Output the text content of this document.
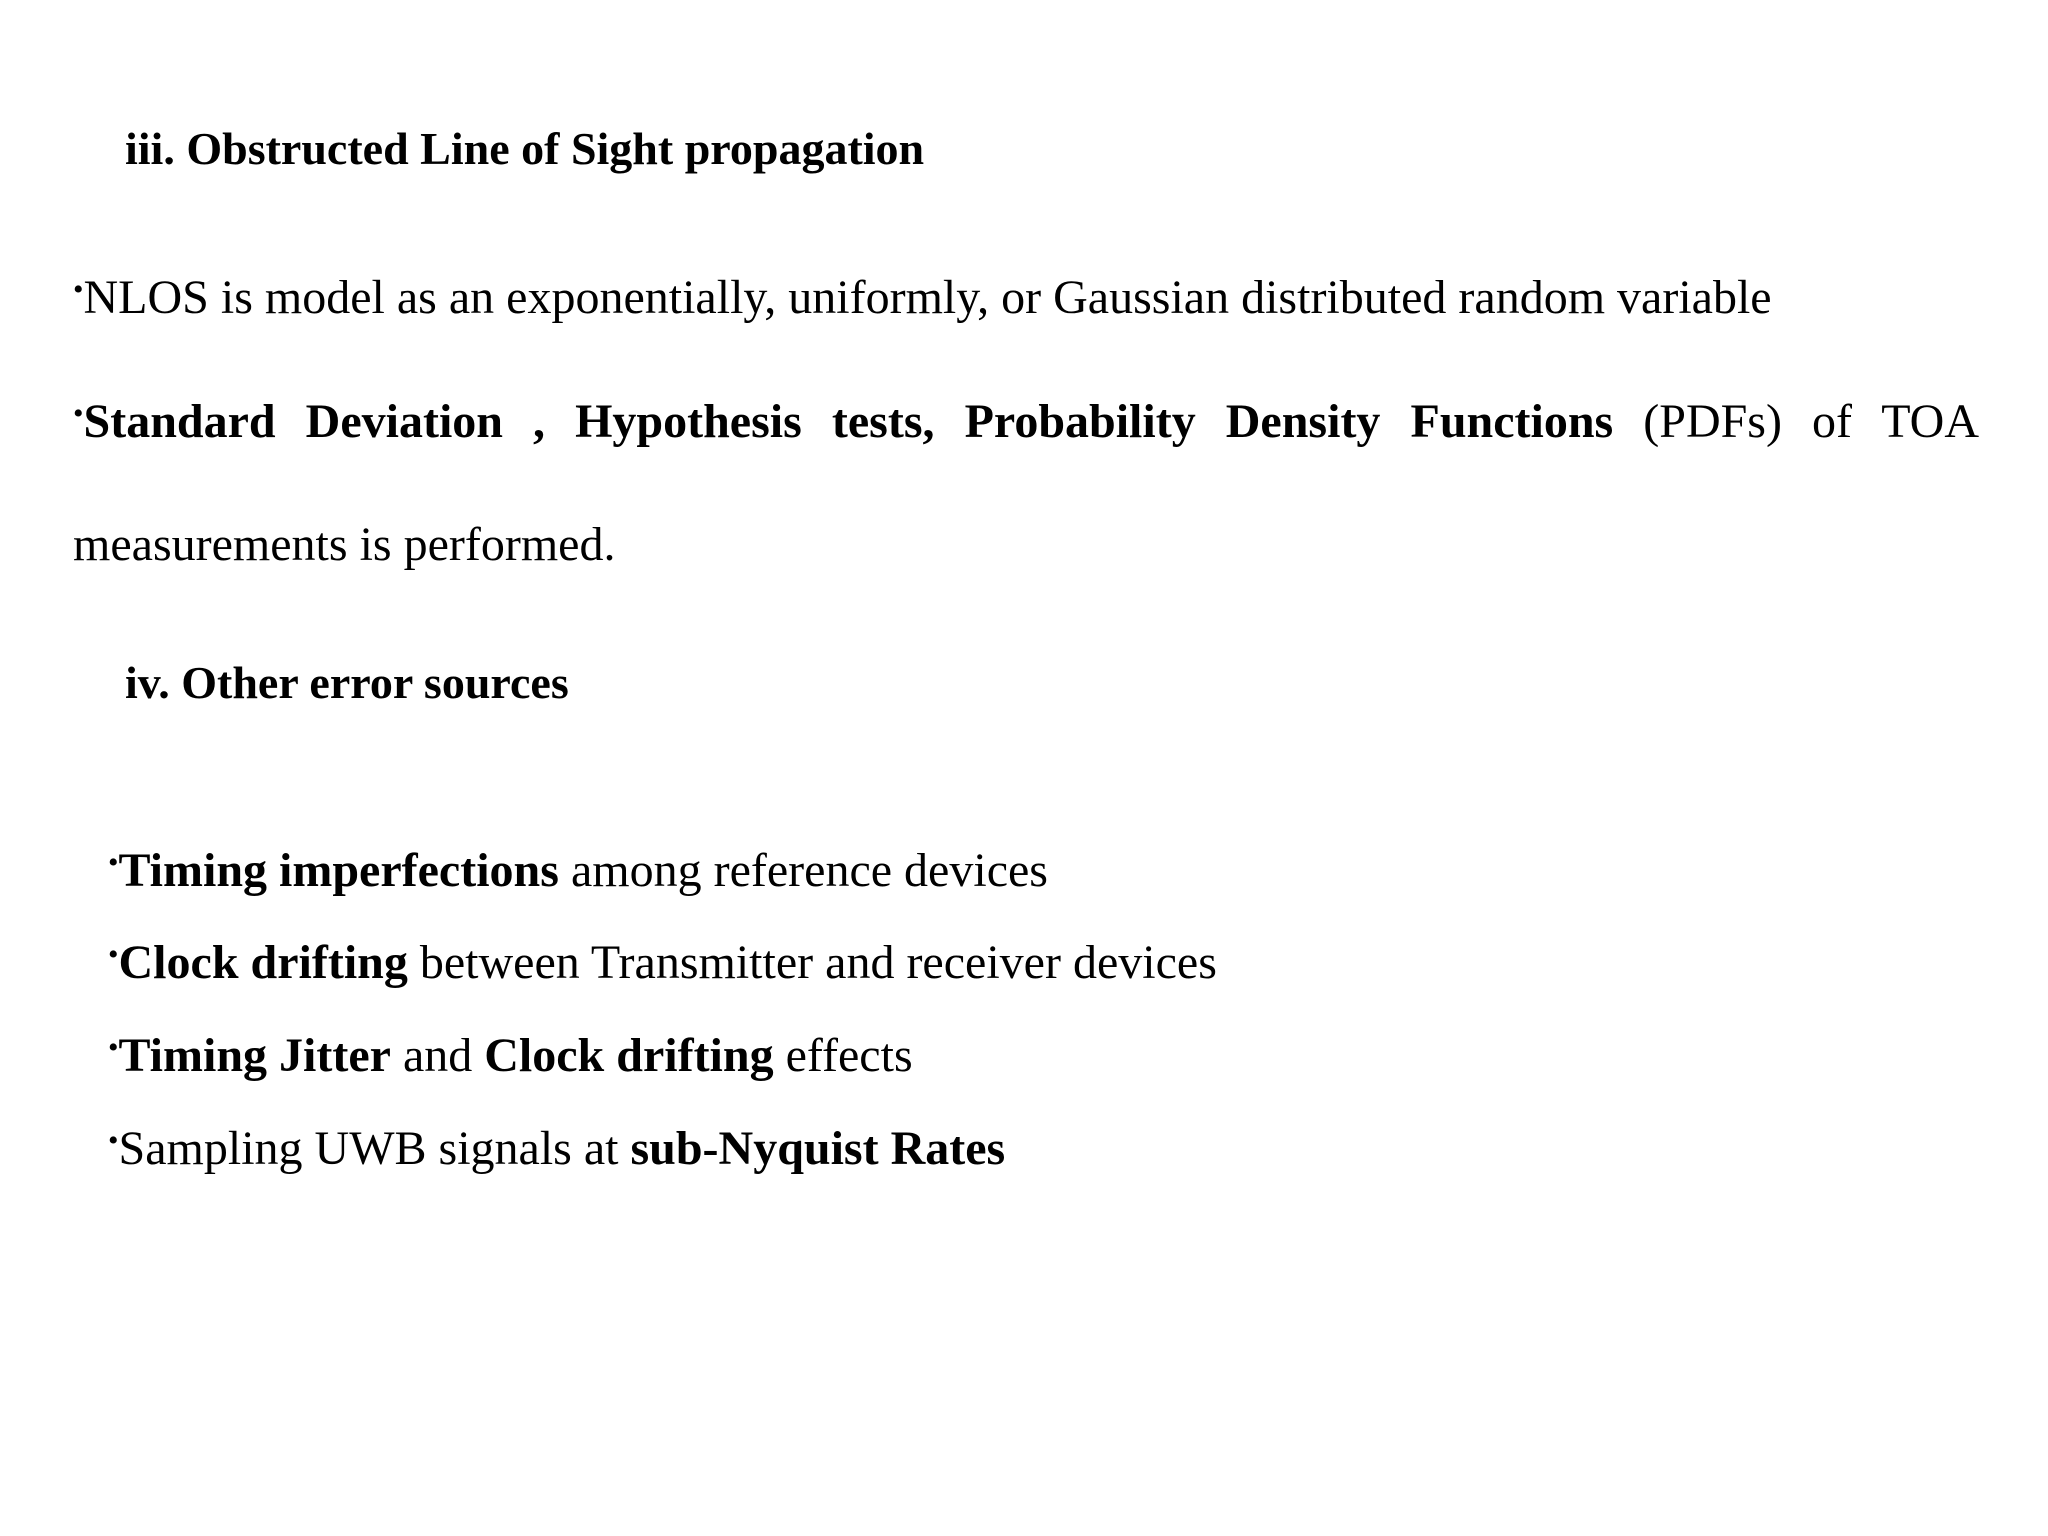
iii. Obstructed Line of Sight propagation
• NLOS is model as an exponentially, uniformly, or Gaussian distributed random variable
• Standard Deviation , Hypothesis tests, Probability Density Functions (PDFs) of TOA
measurements is performed.
iv. Other error sources
• Timing imperfections among reference devices
• Clock drifting between Transmitter and receiver devices
• Timing Jitter and Clock drifting effects
• Sampling UWB signals at sub-Nyquist Rates
